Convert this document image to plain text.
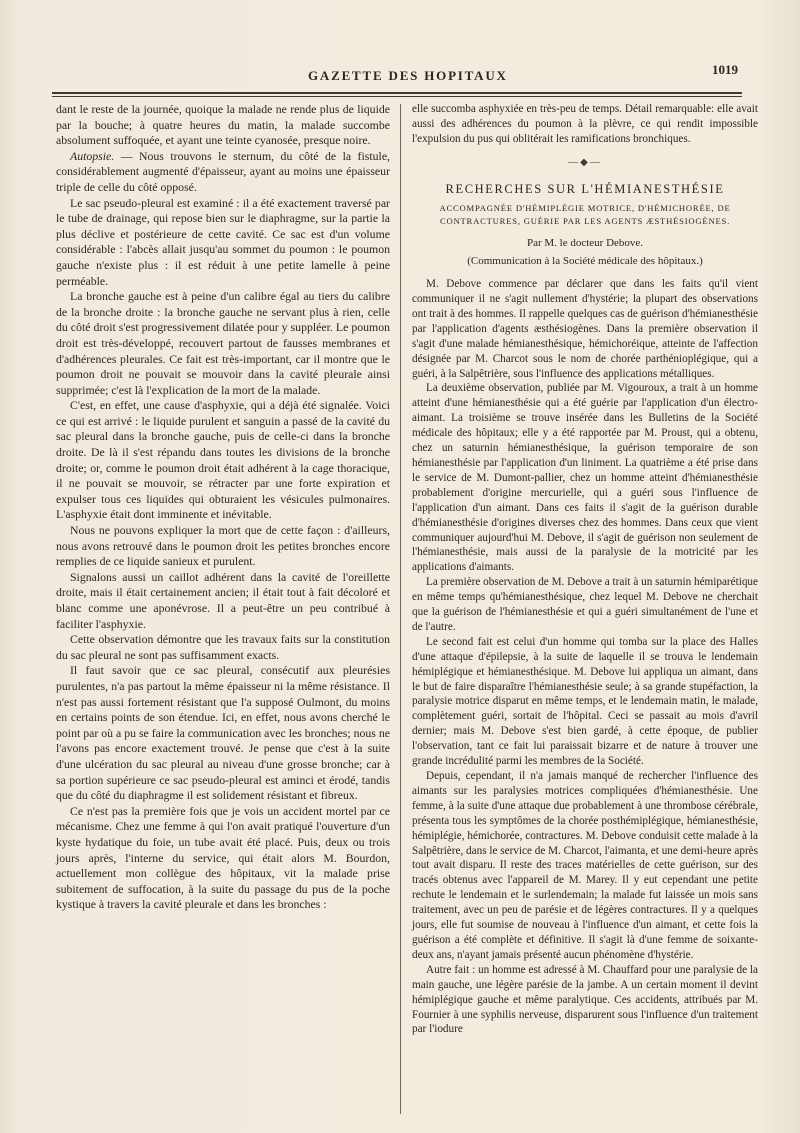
GAZETTE DES HOPITAUX	1019

dant le reste de la journée, quoique la malade ne rende plus de liquide par la bouche; à quatre heures du matin, la malade succombe absolument suffoquée, et ayant une teinte cyanosée, presque noire.

Autopsie. — Nous trouvons le sternum, du côté de la fistule, considérablement augmenté d'épaisseur, ayant au moins une épaisseur triple de celle du côté opposé.

Le sac pseudo-pleural est examiné : il a été exactement traversé par le tube de drainage, qui repose bien sur le diaphragme, sur la partie la plus déclive et postérieure de cette cavité. Ce sac est d'un volume considérable : l'abcès allait jusqu'au sommet du poumon : le poumon gauche n'existe plus : il est réduit à une petite lamelle à peine perméable.

La bronche gauche est à peine d'un calibre égal au tiers du calibre de la bronche droite : la bronche gauche ne servant plus à rien, celle du côté droit s'est progressivement dilatée pour y suppléer. Le poumon droit est très-développé, recouvert partout de fausses membranes et d'adhérences pleurales. Ce fait est très-important, car il montre que le poumon droit ne pouvait se mouvoir dans la cavité pleurale ainsi supprimée; c'est là l'explication de la mort de la malade.

C'est, en effet, une cause d'asphyxie, qui a déjà été signalée. Voici ce qui est arrivé : le liquide purulent et sanguin a passé de la cavité du sac pleural dans la bronche gauche, puis de celle-ci dans la bronche droite. De là il s'est répandu dans toutes les divisions de la bronche droite; or, comme le poumon droit était adhérent à la cage thoracique, il ne pouvait se mouvoir, se rétracter par une forte expiration et expulser tous ces liquides qui obturaient les vésicules pulmonaires. L'asphyxie était dont imminente et inévitable.

Nous ne pouvons expliquer la mort que de cette façon : d'ailleurs, nous avons retrouvé dans le poumon droit les petites bronches encore remplies de ce liquide sanieux et purulent.

Signalons aussi un caillot adhérent dans la cavité de l'oreillette droite, mais il était certainement ancien; il était tout à fait décoloré et blanc comme une aponévrose. Il a peut-être un peu contribué à faciliter l'asphyxie.

Cette observation démontre que les travaux faits sur la constitution du sac pleural ne sont pas suffisamment exacts.

Il faut savoir que ce sac pleural, consécutif aux pleurésies purulentes, n'a pas partout la même épaisseur ni la même résistance. Il n'est pas aussi fortement résistant que l'a supposé Oulmont, du moins en certains points de son étendue. Ici, en effet, nous avons cherché le point par où a pu se faire la communication avec les bronches; nous ne l'avons pas encore exactement trouvé. Je pense que c'est à la suite d'une ulcération du sac pleural au niveau d'une grosse bronche; car à sa portion supérieure ce sac pseudo-pleural est aminci et érodé, tandis que du côté du diaphragme il est solidement résistant et fibreux.

Ce n'est pas la première fois que je vois un accident mortel par ce mécanisme. Chez une femme à qui l'on avait pratiqué l'ouverture d'un kyste hydatique du foie, un tube avait été placé. Puis, deux ou trois jours après, l'interne du service, qui était alors M. Bourdon, actuellement mon collègue des hôpitaux, vit la malade prise subitement de suffocation, à la suite du passage du pus de la poche kystique à travers la cavité pleurale et dans les bronches :

elle succomba asphyxiée en très-peu de temps. Détail remarquable: elle avait aussi des adhérences du poumon à la plèvre, ce qui rendit impossible l'expulsion du pus qui oblitérait les ramifications bronchiques.

—◆—
RECHERCHES SUR L'HÉMIANESTHÉSIE
ACCOMPAGNÉE D'HÉMIPLÉGIE MOTRICE, D'HÉMICHORÉE, DE CONTRACTURES, GUÉRIE PAR LES AGENTS ÆSTHÉSIOGÈNES.
Par M. le docteur Debove.
(Communication à la Société médicale des hôpitaux.)

M. Debove commence par déclarer que dans les faits qu'il vient communiquer il ne s'agit nullement d'hystérie; la plupart des observations ont trait à des hommes. Il rappelle quelques cas de guérison d'hémianesthésie par l'application d'agents æsthésiogènes. Dans la première observation il s'agit d'une malade hémianesthésique, hémichoréique, atteinte de l'affection désignée par M. Charcot sous le nom de chorée parthénioplégique, qui a guéri, à la Salpêtrière, sous l'influence des applications métalliques.

La deuxième observation, publiée par M. Vigouroux, a trait à un homme atteint d'une hémianesthésie qui a été guérie par l'application d'un électro-aimant. La troisième se trouve insérée dans les Bulletins de la Société médicale des hôpitaux; elle y a été rapportée par M. Proust, qui a obtenu, chez un saturnin hémianesthésique, la guérison temporaire de son hémianesthésie par l'application d'un liniment. La quatrième a été prise dans le service de M. Dumont-pallier, chez un homme atteint d'hémianesthésie probablement d'origine mercurielle, qui a guéri sous l'influence de l'application d'un aimant. Dans ces faits il s'agit de la guérison durable d'hémianesthésie d'origines diverses chez des hommes. Dans ceux que vient communiquer aujourd'hui M. Debove, il s'agit de guérison non seulement de l'hémianesthésie, mais aussi de la paralysie de la motricité par les applications d'aimants.

La première observation de M. Debove a trait à un saturnin hémiparétique en même temps qu'hémianesthésique, chez lequel M. Debove ne cherchait que la guérison de l'hémianesthésie et qui a guéri simultanément de l'une et de l'autre.

Le second fait est celui d'un homme qui tomba sur la place des Halles d'une attaque d'épilepsie, à la suite de laquelle il se trouva le lendemain hémiplégique et hémianesthésique. M. Debove lui appliqua un aimant, dans le but de faire disparaître l'hémianesthésie seule; à sa grande stupéfaction, la paralysie motrice disparut en même temps, et le lendemain matin, le malade, complètement guéri, sortait de l'hôpital. Ceci se passait au mois d'avril dernier; mais M. Debove s'est bien gardé, à cette époque, de publier l'observation, tant ce fait lui paraissait bizarre et de nature à trouver une grande incrédulité parmi les membres de la Société.

Depuis, cependant, il n'a jamais manqué de rechercher l'influence des aimants sur les paralysies motrices compliquées d'hémianesthésie. Une femme, à la suite d'une attaque due probablement à une thrombose cérébrale, présenta tous les symptômes de la chorée posthémiplégique, hémianesthésie, hémiplégie, hémichorée, contractures. M. Debove conduisit cette malade à la Salpêtrière, dans le service de M. Charcot, l'aimanta, et une demi-heure après tout avait disparu. Il reste des traces matérielles de cette guérison, sur des tracés obtenus avec l'appareil de M. Marey. Il y eut cependant une petite rechute le lendemain et le surlendemain; la malade fut laissée un mois sans traitement, avec un peu de parésie et de légères contractures. Il y a quelques jours, elle fut soumise de nouveau à l'influence d'un aimant, et cette fois la guérison a été complète et définitive. Il s'agit là d'une femme de soixante-deux ans, n'ayant jamais présenté aucun phénomène d'hystérie.

Autre fait : un homme est adressé à M. Chauffard pour une paralysie de la main gauche, une légère parésie de la jambe. A un certain moment il devint hémiplégique gauche et même paralytique. Ces accidents, attribués par M. Fournier à une syphilis nerveuse, disparurent sous l'influence d'un traitement par l'iodure
